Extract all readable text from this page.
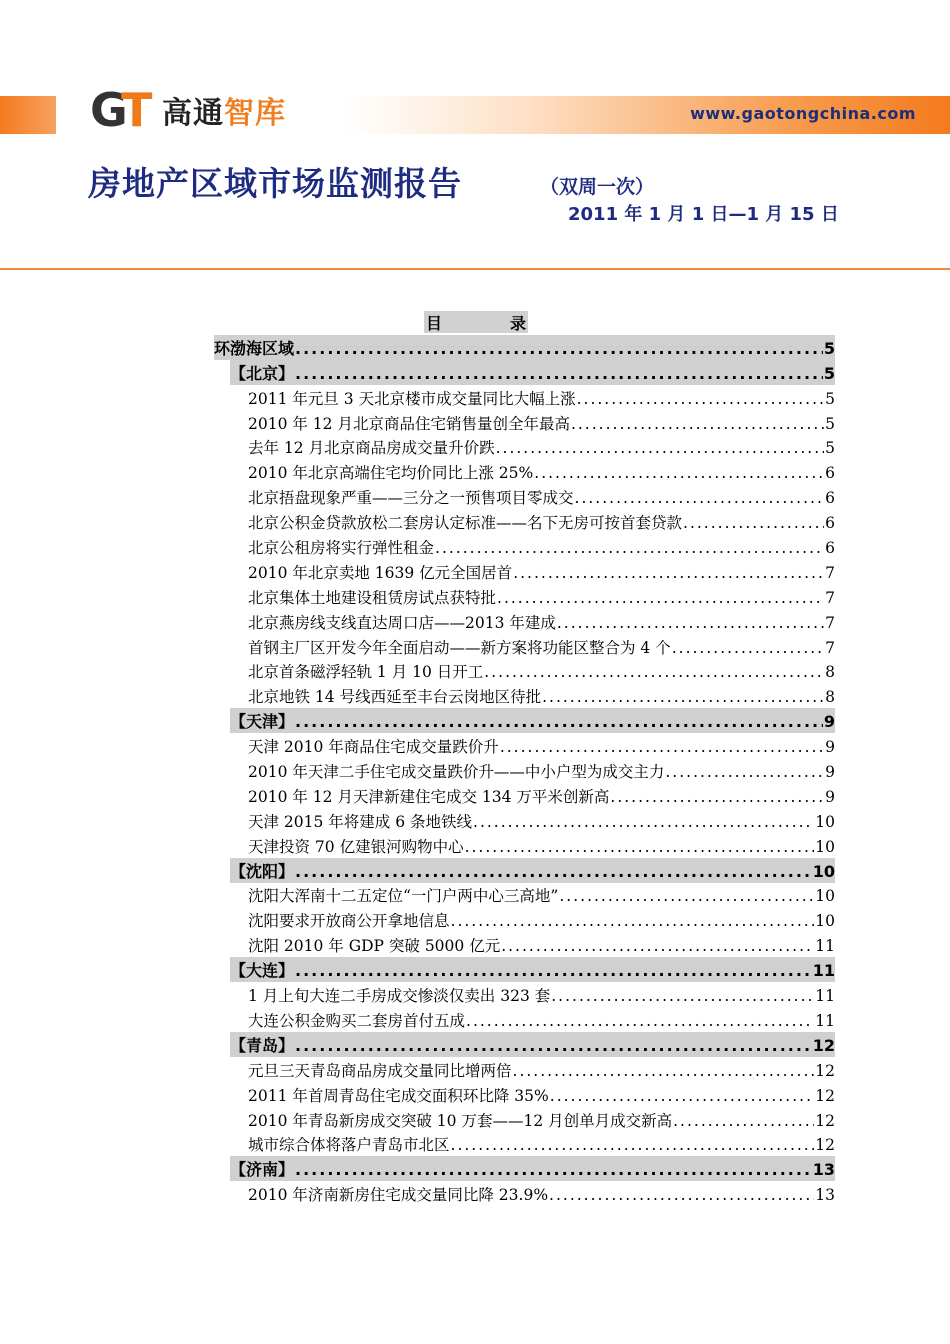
GT 高通智库	www.gaotongchina.com
房地产区域市场监测报告	（双周一次）
2011 年 1 月 1 日—1 月 15 日
目	录
环渤海区域 .....	5
【北京】 .....	5
2011 年元旦 3 天北京楼市成交量同比大幅上涨 .....	5
2010 年 12 月北京商品住宅销售量创全年最高 .....	5
去年 12 月北京商品房成交量升价跌 .....	5
2010 年北京高端住宅均价同比上涨 25% .....	6
北京捂盘现象严重——三分之一预售项目零成交 .....	6
北京公积金贷款放松二套房认定标准——名下无房可按首套贷款 .....	6
北京公租房将实行弹性租金 .....	6
2010 年北京卖地 1639 亿元全国居首 .....	7
北京集体土地建设租赁房试点获特批 .....	7
北京燕房线支线直达周口店——2013 年建成 .....	7
首钢主厂区开发今年全面启动——新方案将功能区整合为 4 个 .....	7
北京首条磁浮轻轨 1 月 10 日开工 .....	8
北京地铁 14 号线西延至丰台云岗地区待批 .....	8
【天津】 .....	9
天津 2010 年商品住宅成交量跌价升 .....	9
2010 年天津二手住宅成交量跌价升——中小户型为成交主力 .....	9
2010 年 12 月天津新建住宅成交 134 万平米创新高 .....	9
天津 2015 年将建成 6 条地铁线 .....	10
天津投资 70 亿建银河购物中心 .....	10
【沈阳】 .....	10
沈阳大浑南十二五定位“一门户两中心三高地” .....	10
沈阳要求开放商公开拿地信息 .....	10
沈阳 2010 年 GDP 突破 5000 亿元 .....	11
【大连】 .....	11
1 月上旬大连二手房成交惨淡仅卖出 323 套 .....	11
大连公积金购买二套房首付五成 .....	11
【青岛】 .....	12
元旦三天青岛商品房成交量同比增两倍 .....	12
2011 年首周青岛住宅成交面积环比降 35% .....	12
2010 年青岛新房成交突破 10 万套——12 月创单月成交新高 .....	12
城市综合体将落户青岛市北区 .....	12
【济南】 .....	13
2010 年济南新房住宅成交量同比降 23.9% .....	13
